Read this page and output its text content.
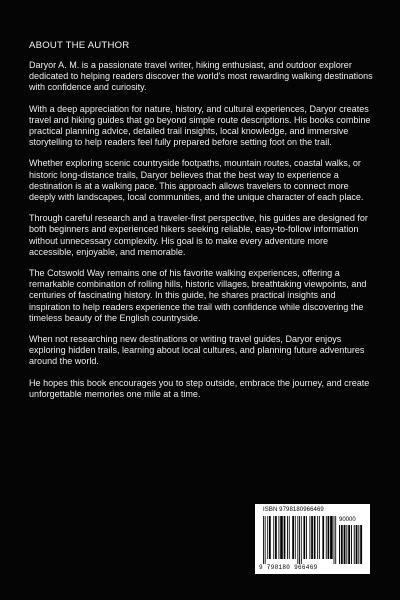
ABOUT THE AUTHOR

Daryor A. M. is a passionate travel writer, hiking enthusiast, and outdoor explorer dedicated to helping readers discover the world's most rewarding walking destinations with confidence and curiosity.

With a deep appreciation for nature, history, and cultural experiences, Daryor creates travel and hiking guides that go beyond simple route descriptions. His books combine practical planning advice, detailed trail insights, local knowledge, and immersive storytelling to help readers feel fully prepared before setting foot on the trail.

Whether exploring scenic countryside footpaths, mountain routes, coastal walks, or historic long-distance trails, Daryor believes that the best way to experience a destination is at a walking pace. This approach allows travelers to connect more deeply with landscapes, local communities, and the unique character of each place.

Through careful research and a traveler-first perspective, his guides are designed for both beginners and experienced hikers seeking reliable, easy-to-follow information without unnecessary complexity. His goal is to make every adventure more accessible, enjoyable, and memorable.

The Cotswold Way remains one of his favorite walking experiences, offering a remarkable combination of rolling hills, historic villages, breathtaking viewpoints, and centuries of fascinating history. In this guide, he shares practical insights and inspiration to help readers experience the trail with confidence while discovering the timeless beauty of the English countryside.

When not researching new destinations or writing travel guides, Daryor enjoys exploring hidden trails, learning about local cultures, and planning future adventures around the world.

He hopes this book encourages you to step outside, embrace the journey, and create unforgettable memories one mile at a time.

ISBN 9798180966469
90000
9 798180 966469
